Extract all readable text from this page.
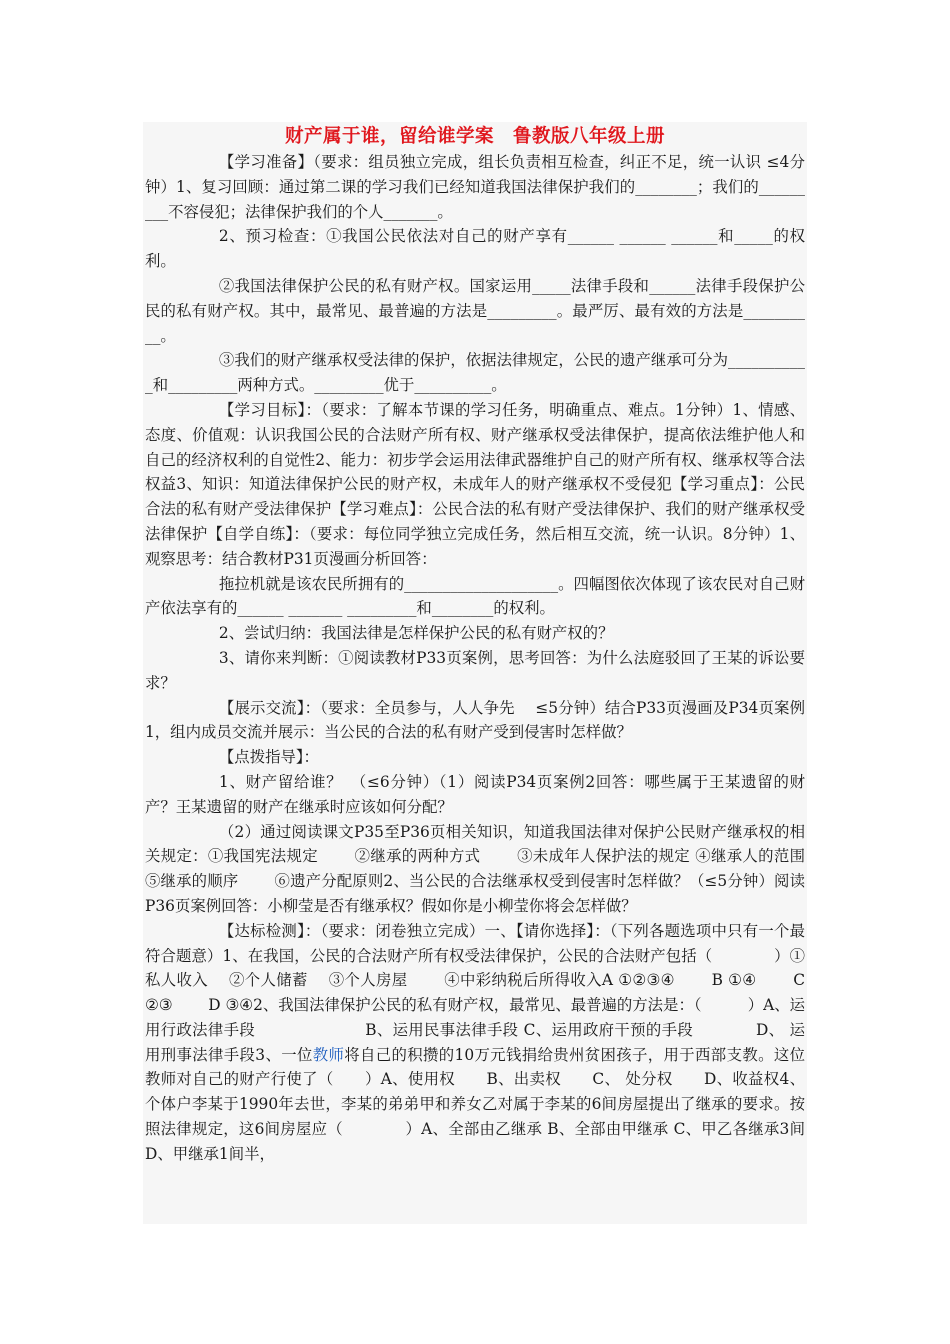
财产属于谁，留给谁学案　鲁教版八年级上册

【学习准备】（要求：组员独立完成，组长负责相互检查，纠正不足，统一认识 ≤4分钟）1、复习回顾：通过第二课的学习我们已经知道我国法律保护我们的________；我们的_________不容侵犯；法律保护我们的个人_______。

2、预习检查：①我国公民依法对自己的财产享有______ ______ ______和_____的权利。

②我国法律保护公民的私有财产权。国家运用_____法律手段和______法律手段保护公民的私有财产权。其中，最常见、最普遍的方法是_________。最严厉、最有效的方法是__________。

③我们的财产继承权受法律的保护，依据法律规定，公民的遗产继承可分为___________和_________两种方式。_________优于__________。

【学习目标】：（要求：了解本节课的学习任务，明确重点、难点。1分钟）1、情感、态度、价值观：认识我国公民的合法财产所有权、财产继承权受法律保护，提高依法维护他人和自己的经济权利的自觉性2、能力：初步学会运用法律武器维护自己的财产所有权、继承权等合法权益3、知识：知道法律保护公民的财产权，未成年人的财产继承权不受侵犯【学习重点】：公民合法的私有财产受法律保护【学习难点】：公民合法的私有财产受法律保护、我们的财产继承权受法律保护【自学自练】：（要求：每位同学独立完成任务，然后相互交流，统一认识。8分钟）1、观察思考：结合教材P31页漫画分析回答：

拖拉机就是该农民所拥有的____________________。四幅图依次体现了该农民对自己财产依法享有的______ _______ _________和________的权利。

2、尝试归纳：我国法律是怎样保护公民的私有财产权的？

3、请你来判断：①阅读教材P33页案例，思考回答：为什么法庭驳回了王某的诉讼要求？

【展示交流】：（要求：全员参与，人人争先　 ≤5分钟）结合P33页漫画及P34页案例1，组内成员交流并展示：当公民的合法的私有财产受到侵害时怎样做？

【点拨指导】：

1、财产留给谁？　（≤6分钟）（1）阅读P34页案例2回答：哪些属于王某遗留的财产？王某遗留的财产在继承时应该如何分配？

（2）通过阅读课文P35至P36页相关知识，知道我国法律对保护公民财产继承权的相关规定：①我国宪法规定　　 ②继承的两种方式　　 ③未成年人保护法的规定 ④继承人的范围　　 ⑤继承的顺序　　 ⑥遗产分配原则2、当公民的合法继承权受到侵害时怎样做？（≤5分钟）阅读P36页案例回答：小柳莹是否有继承权？假如你是小柳莹你将会怎样做？

【达标检测】：（要求：闭卷独立完成）一、【请你选择】：（下列各题选项中只有一个最符合题意）1、在我国，公民的合法财产所有权受法律保护，公民的合法财产包括（　　　　）①私人收入　 ②个人储蓄　 ③个人房屋　　 ④中彩纳税后所得收入A ①②③④　　 B ①④　　 C ②③　　 D ③④2、我国法律保护公民的私有财产权，最常见、最普遍的方法是：（　　　）A、运用行政法律手段　　　　　　　B、运用民事法律手段 C、运用政府干预的手段　　　　D、 运用刑事法律手段3、一位教师将自己的积攒的10万元钱捐给贵州贫困孩子，用于西部支教。这位教师对自己的财产行使了（　　）A、使用权　　B、出卖权　　C、 处分权　　D、收益权4、个体户李某于1990年去世，李某的弟弟甲和养女乙对属于李某的6间房屋提出了继承的要求。按照法律规定，这6间房屋应（　　　　）A、全部由乙继承 B、全部由甲继承 C、甲乙各继承3间　　D、甲继承1间半，
